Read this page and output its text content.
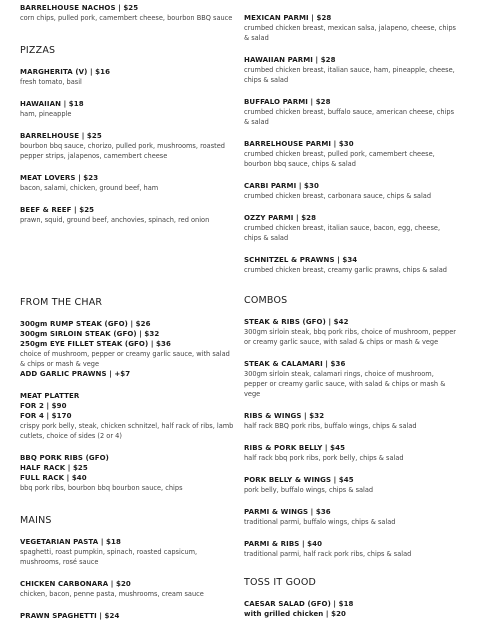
BARRELHOUSE NACHOS | $25
corn chips, pulled pork, camembert cheese, bourbon BBQ sauce
PIZZAS
MARGHERITA (V) | $16
fresh tomato, basil
HAWAIIAN | $18
ham, pineapple
BARRELHOUSE | $25
bourbon bbq sauce, chorizo, pulled pork, mushrooms, roasted pepper strips, jalapenos, camembert cheese
MEAT LOVERS | $23
bacon, salami, chicken, ground beef, ham
BEEF & REEF | $25
prawn, squid, ground beef, anchovies, spinach, red onion
FROM THE CHAR
300gm RUMP STEAK (GFO) | $26
300gm SIRLOIN STEAK (GFO) | $32
250gm EYE FILLET STEAK (GFO) | $36
choice of mushroom, pepper or creamy garlic sauce, with salad & chips or mash & vege
ADD GARLIC PRAWNS | +$7
MEAT PLATTER
FOR 2 | $90
FOR 4 | $170
crispy pork belly, steak, chicken schnitzel, half rack of ribs, lamb cutlets, choice of sides (2 or 4)
BBQ PORK RIBS (GFO)
HALF RACK | $25
FULL RACK | $40
bbq pork ribs, bourbon bbq bourbon sauce, chips
MAINS
VEGETARIAN PASTA | $18
spaghetti, roast pumpkin, spinach, roasted capsicum, mushrooms, rosé sauce
CHICKEN CARBONARA | $20
chicken, bacon, penne pasta, mushrooms, cream sauce
PRAWN SPAGHETTI | $24
MEXICAN PARMI | $28
crumbed chicken breast, mexican salsa, jalapeno, cheese, chips & salad
HAWAIIAN PARMI | $28
crumbed chicken breast, italian sauce, ham, pineapple, cheese, chips & salad
BUFFALO PARMI | $28
crumbed chicken breast, buffalo sauce, american cheese, chips & salad
BARRELHOUSE PARMI | $30
crumbed chicken breast, pulled pork, camembert cheese, bourbon bbq sauce, chips & salad
CARBI PARMI | $30
crumbed chicken breast, carbonara sauce, chips & salad
OZZY PARMI | $28
crumbed chicken breast, italian sauce, bacon, egg, cheese, chips & salad
SCHNITZEL & PRAWNS | $34
crumbed chicken breast, creamy garlic prawns, chips & salad
COMBOS
STEAK & RIBS (GFO) | $42
300gm sirloin steak, bbq pork ribs, choice of mushroom, pepper or creamy garlic sauce, with salad & chips or mash & vege
STEAK & CALAMARI | $36
300gm sirloin steak, calamari rings, choice of mushroom, pepper or creamy garlic sauce, with salad & chips or mash & vege
RIBS & WINGS | $32
half rack BBQ pork ribs, buffalo wings, chips & salad
RIBS & PORK BELLY | $45
half rack bbq pork ribs, pork belly, chips & salad
PORK BELLY & WINGS | $45
pork belly, buffalo wings, chips & salad
PARMI & WINGS | $36
traditional parmi, buffalo wings, chips & salad
PARMI & RIBS | $40
traditional parmi, half rack pork ribs, chips & salad
TOSS IT GOOD
CAESAR SALAD (GFO) | $18
with grilled chicken | $20
